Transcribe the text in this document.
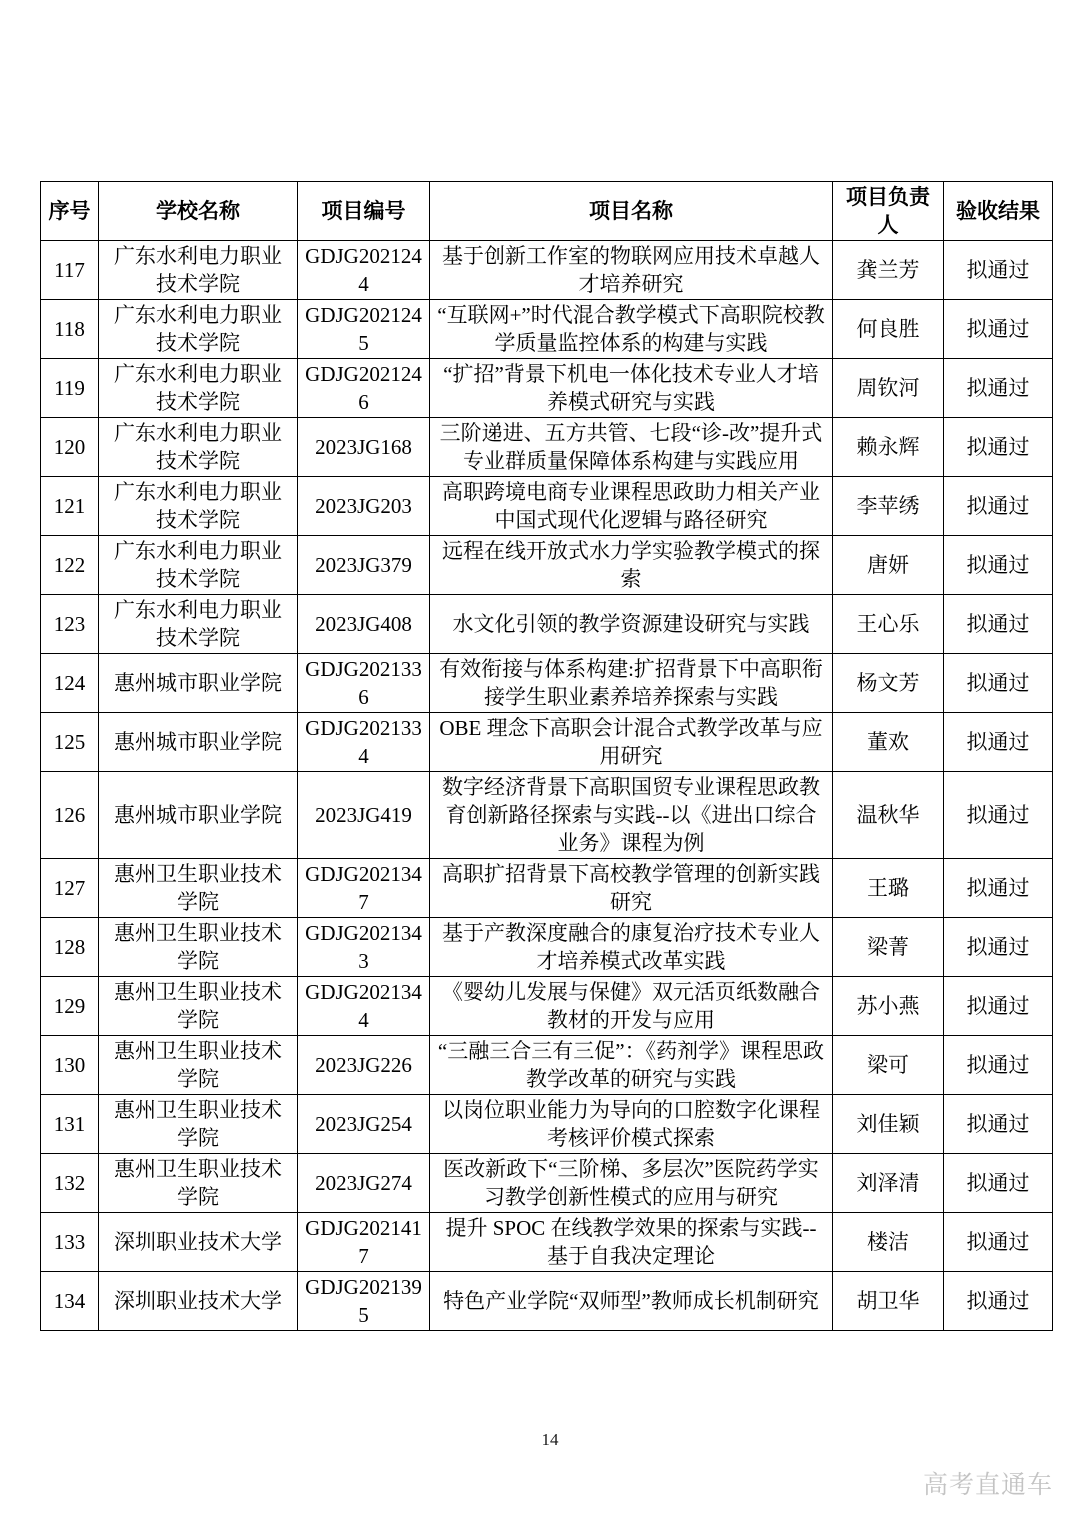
序号	学校名称	项目编号	项目名称	项目负责人	验收结果
117	广东水利电力职业技术学院	GDJG2021244	基于创新工作室的物联网应用技术卓越人才培养研究	龚兰芳	拟通过
118	广东水利电力职业技术学院	GDJG2021245	“互联网+”时代混合教学模式下高职院校教学质量监控体系的构建与实践	何良胜	拟通过
119	广东水利电力职业技术学院	GDJG2021246	“扩招”背景下机电一体化技术专业人才培养模式研究与实践	周钦河	拟通过
120	广东水利电力职业技术学院	2023JG168	三阶递进、五方共管、七段“诊-改”提升式专业群质量保障体系构建与实践应用	赖永辉	拟通过
121	广东水利电力职业技术学院	2023JG203	高职跨境电商专业课程思政助力相关产业中国式现代化逻辑与路径研究	李苹绣	拟通过
122	广东水利电力职业技术学院	2023JG379	远程在线开放式水力学实验教学模式的探索	唐妍	拟通过
123	广东水利电力职业技术学院	2023JG408	水文化引领的教学资源建设研究与实践	王心乐	拟通过
124	惠州城市职业学院	GDJG2021336	有效衔接与体系构建:扩招背景下中高职衔接学生职业素养培养探索与实践	杨文芳	拟通过
125	惠州城市职业学院	GDJG2021334	OBE 理念下高职会计混合式教学改革与应用研究	董欢	拟通过
126	惠州城市职业学院	2023JG419	数字经济背景下高职国贸专业课程思政教育创新路径探索与实践--以《进出口综合业务》课程为例	温秋华	拟通过
127	惠州卫生职业技术学院	GDJG2021347	高职扩招背景下高校教学管理的创新实践研究	王璐	拟通过
128	惠州卫生职业技术学院	GDJG2021343	基于产教深度融合的康复治疗技术专业人才培养模式改革实践	梁菁	拟通过
129	惠州卫生职业技术学院	GDJG2021344	《婴幼儿发展与保健》双元活页纸数融合教材的开发与应用	苏小燕	拟通过
130	惠州卫生职业技术学院	2023JG226	“三融三合三有三促”：《药剂学》课程思政教学改革的研究与实践	梁可	拟通过
131	惠州卫生职业技术学院	2023JG254	以岗位职业能力为导向的口腔数字化课程考核评价模式探索	刘佳颖	拟通过
132	惠州卫生职业技术学院	2023JG274	医改新政下“三阶梯、多层次”医院药学实习教学创新性模式的应用与研究	刘泽清	拟通过
133	深圳职业技术大学	GDJG2021417	提升 SPOC 在线教学效果的探索与实践--基于自我决定理论	楼洁	拟通过
134	深圳职业技术大学	GDJG2021395	特色产业学院“双师型”教师成长机制研究	胡卫华	拟通过
14
高考直通车
